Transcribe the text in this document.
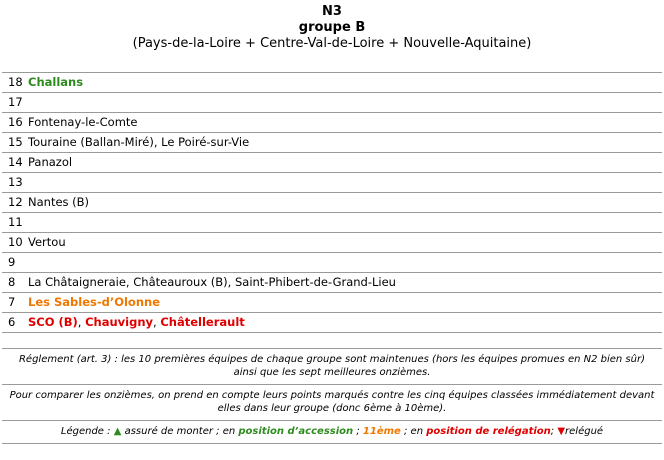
N3
groupe B
(Pays-de-la-Loire + Centre-Val-de-Loire + Nouvelle-Aquitaine)
18 Challans
17
16 Fontenay-le-Comte
15 Touraine (Ballan-Miré), Le Poiré-sur-Vie
14 Panazol
13
12 Nantes (B)
11
10 Vertou
9
8 La Châtaigneraie, Châteauroux (B), Saint-Phibert-de-Grand-Lieu
7 Les Sables-d’Olonne
6 SCO (B), Chauvigny, Châtellerault
Réglement (art. 3) : les 10 premières équipes de chaque groupe sont maintenues (hors les équipes promues en N2 bien sûr)
ainsi que les sept meilleures onzièmes.
Pour comparer les onzièmes, on prend en compte leurs points marqués contre les cinq équipes classées immédiatement devant
elles dans leur groupe (donc 6ème à 10ème).
Légende : ▲ assuré de monter ; en position d’accession ; 11ème ; en position de relégation; ▼relégué
